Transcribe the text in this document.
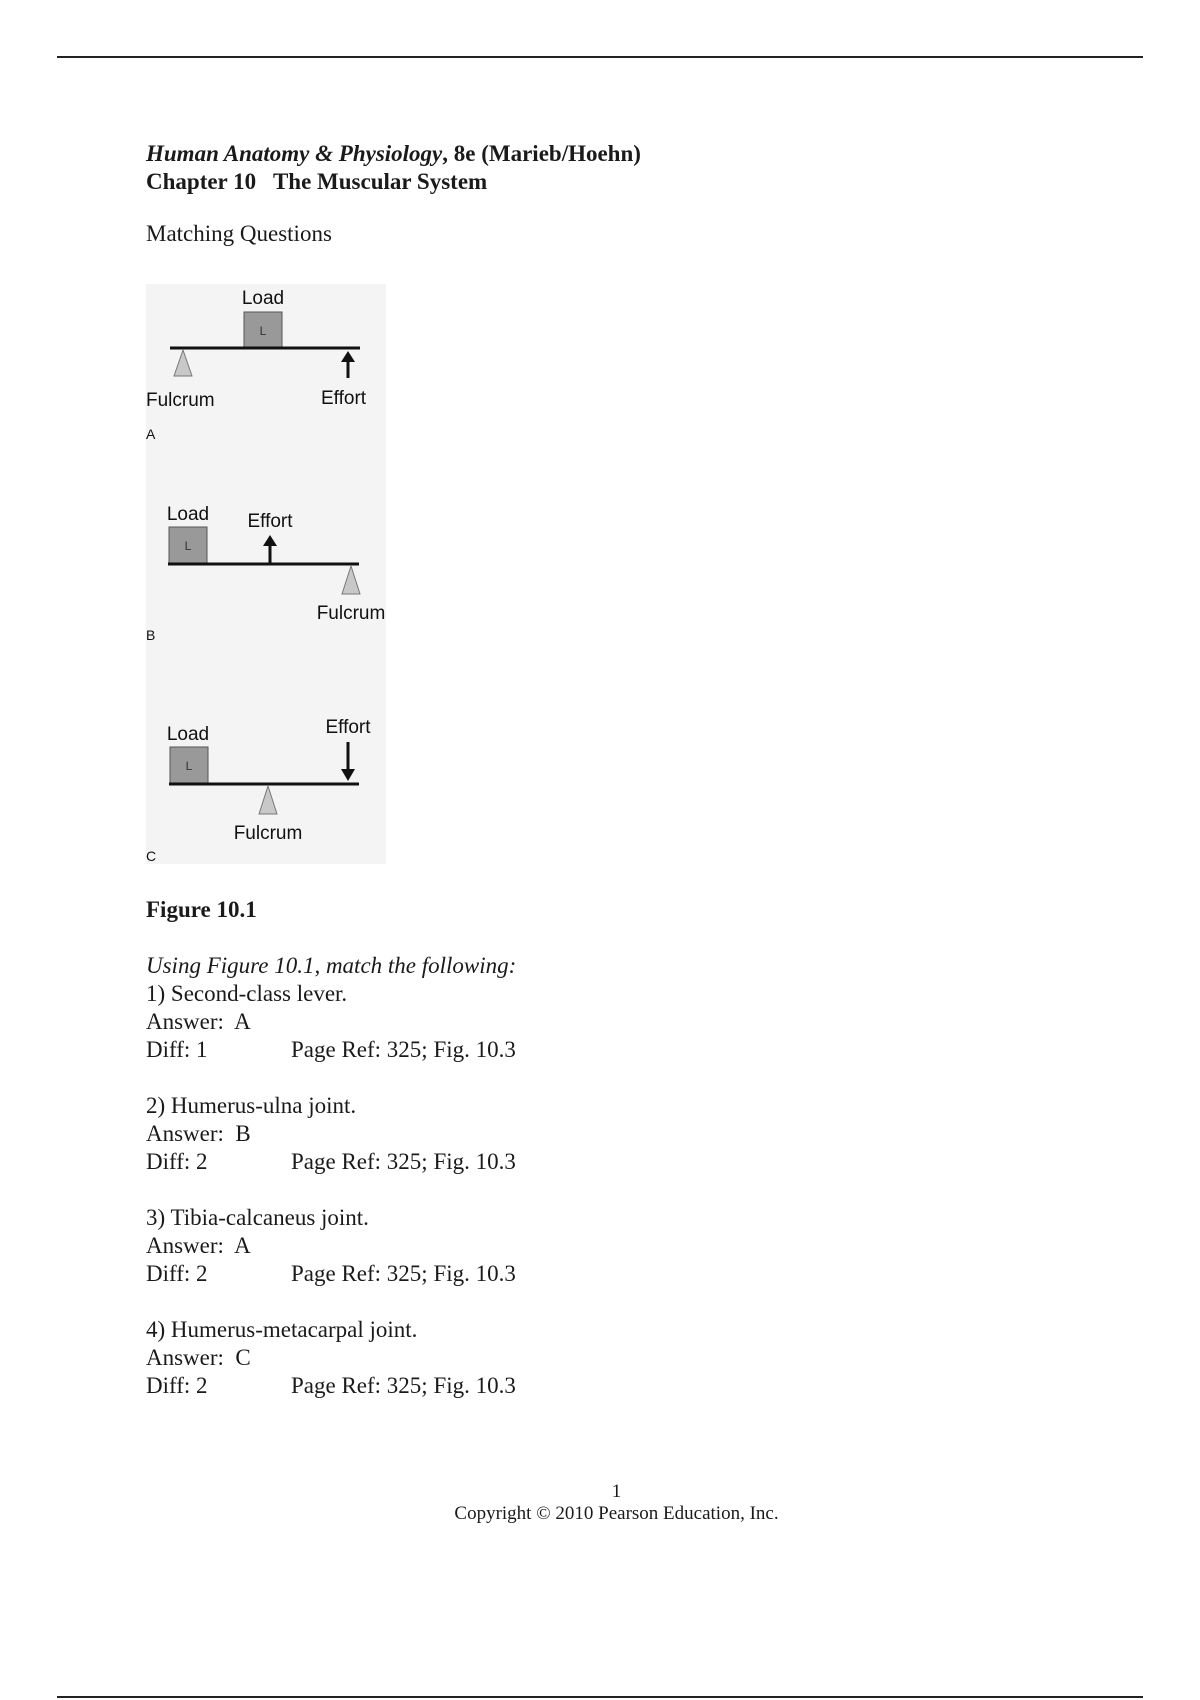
Human Anatomy & Physiology, 8e (Marieb/Hoehn)

Chapter 10   The Muscular System

Matching Questions

Load
L
Fulcrum	Effort
A
Load
L
Effort
Fulcrum
B
Load
L
Effort
Fulcrum
C
Figure 10.1
Using Figure 10.1, match the following:
1) Second-class lever.
Answer:  A
Diff: 1	Page Ref: 325; Fig. 10.3
2) Humerus-ulna joint.
Answer:  B
Diff: 2	Page Ref: 325; Fig. 10.3
3) Tibia-calcaneus joint.
Answer:  A
Diff: 2	Page Ref: 325; Fig. 10.3
4) Humerus-metacarpal joint.
Answer:  C
Diff: 2	Page Ref: 325; Fig. 10.3
1
Copyright © 2010 Pearson Education, Inc.
